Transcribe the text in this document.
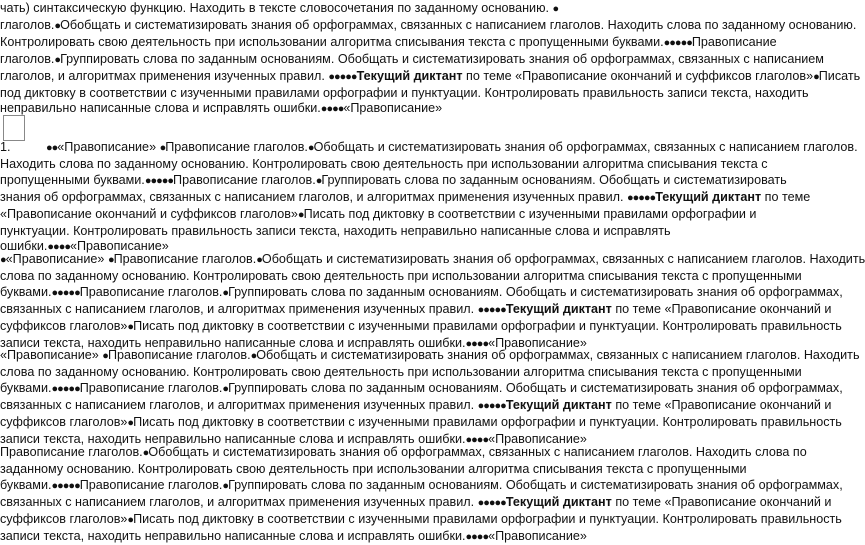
чать) синтаксическую функцию. Находить в тексте словосочетания по заданному основанию. ●
глаголов.●Обобщать и систематизировать знания об орфограммах, связанных с написанием глаголов. Находить слова по заданному основанию.
Контролировать свою деятельность при использовании алгоритма списывания текста с пропущенными буквами.●●●●●Правописание
глаголов.●Группировать слова по заданным основаниям. Обобщать и систематизировать знания об орфограммах, связанных с написанием
глаголов, и алгоритмах применения изученных правил. ●●●●●Текущий диктант по теме «Правописание окончаний и суффиксов глаголов»●Писать
под диктовку в соответствии с изученными правилами орфографии и пунктуации. Контролировать правильность записи текста, находить
неправильно написанные слова и исправлять ошибки.●●●●«Правописание»
1.	●●«Правописание» ●Правописание глаголов.●Обобщать и систематизировать знания об орфограммах, связанных с написанием глаголов.
Находить слова по заданному основанию. Контролировать свою деятельность при использовании алгоритма списывания текста с
пропущенными буквами.●●●●●Правописание глаголов.●Группировать слова по заданным основаниям. Обобщать и систематизировать
знания об орфограммах, связанных с написанием глаголов, и алгоритмах применения изученных правил. ●●●●●Текущий диктант по теме
«Правописание окончаний и суффиксов глаголов»●Писать под диктовку в соответствии с изученными правилами орфографии и
пунктуации. Контролировать правильность записи текста, находить неправильно написанные слова и исправлять
ошибки.●●●●«Правописание»
●«Правописание» ●Правописание глаголов.●Обобщать и систематизировать знания об орфограммах, связанных с написанием глаголов. Находить
слова по заданному основанию. Контролировать свою деятельность при использовании алгоритма списывания текста с пропущенными
буквами.●●●●●Правописание глаголов.●Группировать слова по заданным основаниям. Обобщать и систематизировать знания об орфограммах,
связанных с написанием глаголов, и алгоритмах применения изученных правил. ●●●●●Текущий диктант по теме «Правописание окончаний и
суффиксов глаголов»●Писать под диктовку в соответствии с изученными правилами орфографии и пунктуации. Контролировать правильность
записи текста, находить неправильно написанные слова и исправлять ошибки.●●●●«Правописание»
«Правописание» ●Правописание глаголов.●Обобщать и систематизировать знания об орфограммах, связанных с написанием глаголов. Находить
слова по заданному основанию. Контролировать свою деятельность при использовании алгоритма списывания текста с пропущенными
буквами.●●●●●Правописание глаголов.●Группировать слова по заданным основаниям. Обобщать и систематизировать знания об орфограммах,
связанных с написанием глаголов, и алгоритмах применения изученных правил. ●●●●●Текущий диктант по теме «Правописание окончаний и
суффиксов глаголов»●Писать под диктовку в соответствии с изученными правилами орфографии и пунктуации. Контролировать правильность
записи текста, находить неправильно написанные слова и исправлять ошибки.●●●●«Правописание»
Правописание глаголов.●Обобщать и систематизировать знания об орфограммах, связанных с написанием глаголов. Находить слова по
заданному основанию. Контролировать свою деятельность при использовании алгоритма списывания текста с пропущенными
буквами.●●●●●Правописание глаголов.●Группировать слова по заданным основаниям. Обобщать и систематизировать знания об орфограммах,
связанных с написанием глаголов, и алгоритмах применения изученных правил. ●●●●●Текущий диктант по теме «Правописание окончаний и
суффиксов глаголов»●Писать под диктовку в соответствии с изученными правилами орфографии и пунктуации. Контролировать правильность
записи текста, находить неправильно написанные слова и исправлять ошибки.●●●●«Правописание»
